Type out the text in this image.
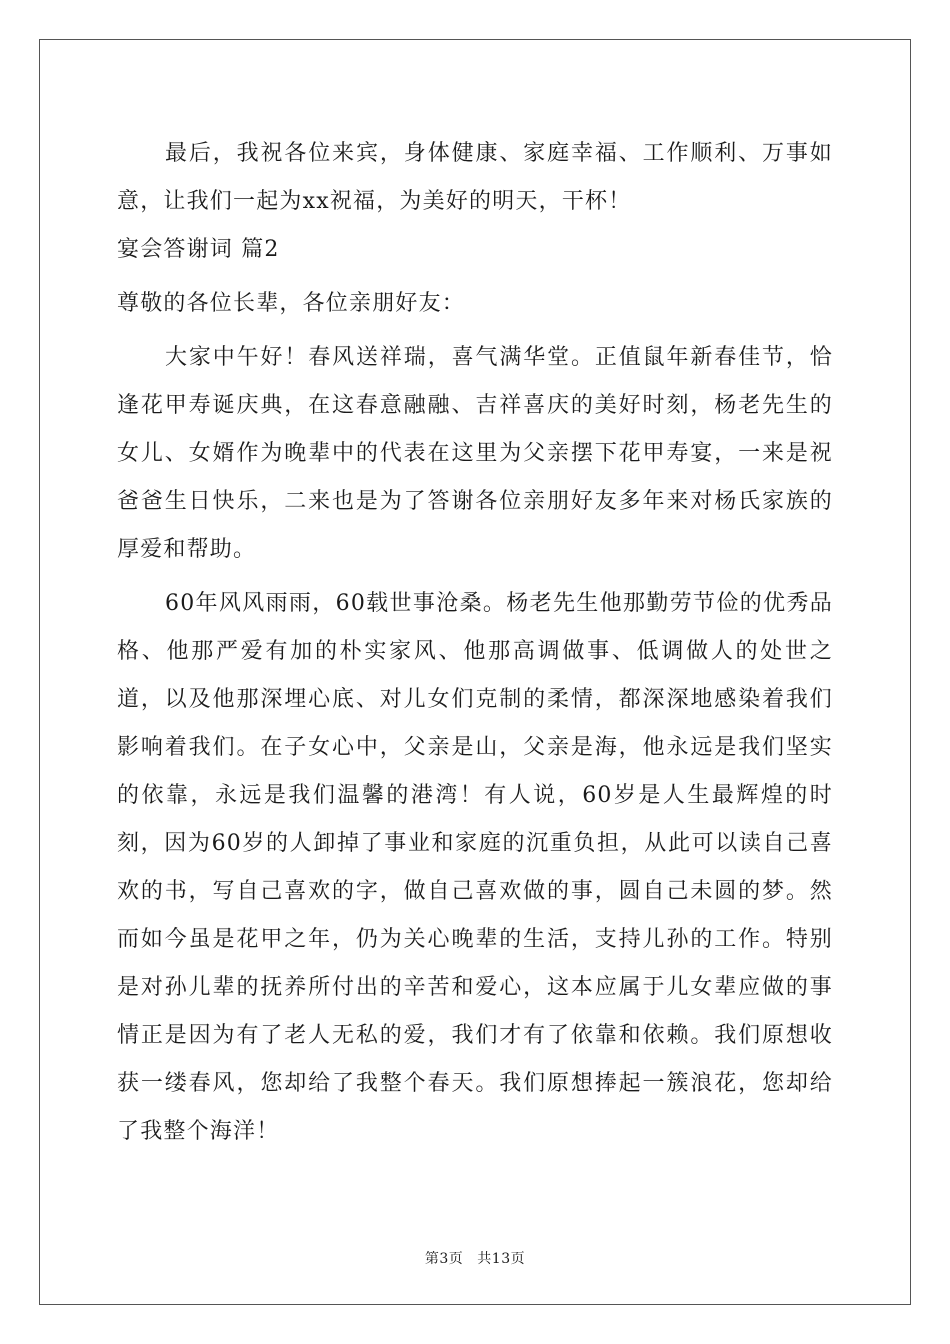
最后，我祝各位来宾，身体健康、家庭幸福、工作顺利、万事如意，让我们一起为xx祝福，为美好的明天，干杯！

宴会答谢词 篇2

尊敬的各位长辈，各位亲朋好友：

大家中午好！春风送祥瑞，喜气满华堂。正值鼠年新春佳节，恰逢花甲寿诞庆典，在这春意融融、吉祥喜庆的美好时刻，杨老先生的女儿、女婿作为晚辈中的代表在这里为父亲摆下花甲寿宴，一来是祝爸爸生日快乐，二来也是为了答谢各位亲朋好友多年来对杨氏家族的厚爱和帮助。

60年风风雨雨，60载世事沧桑。杨老先生他那勤劳节俭的优秀品格、他那严爱有加的朴实家风、他那高调做事、低调做人的处世之道，以及他那深埋心底、对儿女们克制的柔情，都深深地感染着我们影响着我们。在子女心中，父亲是山，父亲是海，他永远是我们坚实的依靠，永远是我们温馨的港湾！有人说，60岁是人生最辉煌的时刻，因为60岁的人卸掉了事业和家庭的沉重负担，从此可以读自己喜欢的书，写自己喜欢的字，做自己喜欢做的事，圆自己未圆的梦。然而如今虽是花甲之年，仍为关心晚辈的生活，支持儿孙的工作。特别是对孙儿辈的抚养所付出的辛苦和爱心，这本应属于儿女辈应做的事情正是因为有了老人无私的爱，我们才有了依靠和依赖。我们原想收获一缕春风，您却给了我整个春天。我们原想捧起一簇浪花，您却给了我整个海洋！

第3页 共13页
